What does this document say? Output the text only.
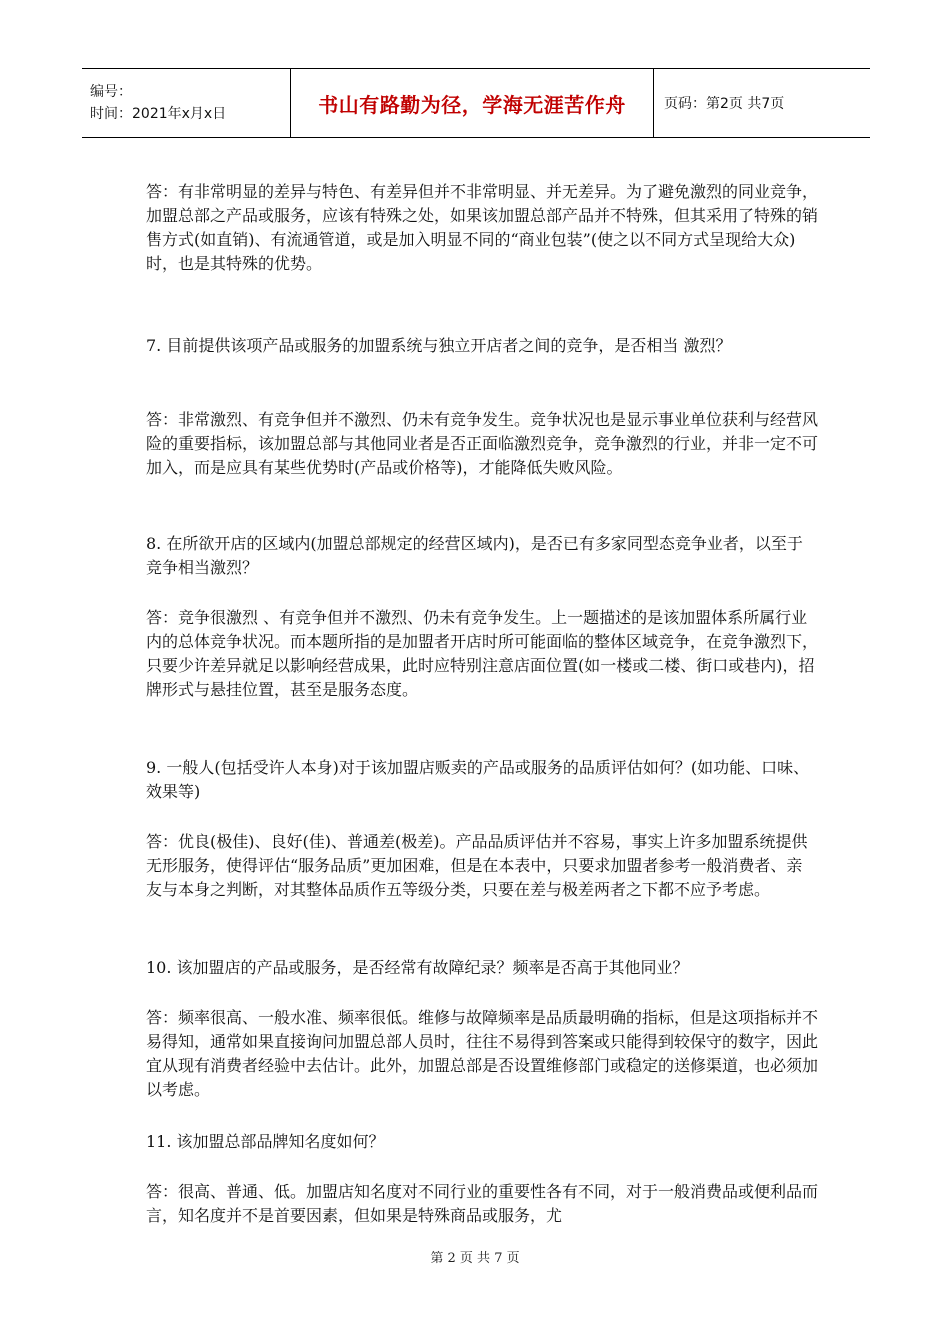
编号：
时间：2021年x月x日	书山有路勤为径，学海无涯苦作舟	页码：第2页 共7页

答：有非常明显的差异与特色、有差异但并不非常明显、并无差异。为了避免激烈的同业竞争，加盟总部之产品或服务，应该有特殊之处，如果该加盟总部产品并不特殊，但其采用了特殊的销售方式(如直销)、有流通管道，或是加入明显不同的“商业包装”(使之以不同方式呈现给大众)时，也是其特殊的优势。

7. 目前提供该项产品或服务的加盟系统与独立开店者之间的竞争，是否相当 激烈？

答：非常激烈、有竞争但并不激烈、仍未有竞争发生。竞争状况也是显示事业单位获利与经营风险的重要指标，该加盟总部与其他同业者是否正面临激烈竞争，竞争激烈的行业，并非一定不可加入，而是应具有某些优势时(产品或价格等)，才能降低失败风险。

8. 在所欲开店的区域内(加盟总部规定的经营区域内)，是否已有多家同型态竞争业者，以至于竞争相当激烈？

答：竞争很激烈 、有竞争但并不激烈、仍未有竞争发生。上一题描述的是该加盟体系所属行业内的总体竞争状况。而本题所指的是加盟者开店时所可能面临的整体区域竞争，在竞争激烈下，只要少许差异就足以影响经营成果，此时应特别注意店面位置(如一楼或二楼、街口或巷内)，招牌形式与悬挂位置，甚至是服务态度。

9. 一般人(包括受许人本身)对于该加盟店贩卖的产品或服务的品质评估如何？(如功能、口味、效果等)

答：优良(极佳)、良好(佳)、普通差(极差)。产品品质评估并不容易，事实上许多加盟系统提供无形服务，使得评估“服务品质”更加困难，但是在本表中，只要求加盟者参考一般消费者、亲友与本身之判断，对其整体品质作五等级分类，只要在差与极差两者之下都不应予考虑。

10. 该加盟店的产品或服务，是否经常有故障纪录？频率是否高于其他同业？

答：频率很高、一般水准、频率很低。维修与故障频率是品质最明确的指标，但是这项指标并不易得知，通常如果直接询问加盟总部人员时，往往不易得到答案或只能得到较保守的数字，因此宜从现有消费者经验中去估计。此外，加盟总部是否设置维修部门或稳定的送修渠道，也必须加以考虑。

11. 该加盟总部品牌知名度如何？

答：很高、普通、低。加盟店知名度对不同行业的重要性各有不同，对于一般消费品或便利品而言，知名度并不是首要因素，但如果是特殊商品或服务，尤

第 2 页 共 7 页
